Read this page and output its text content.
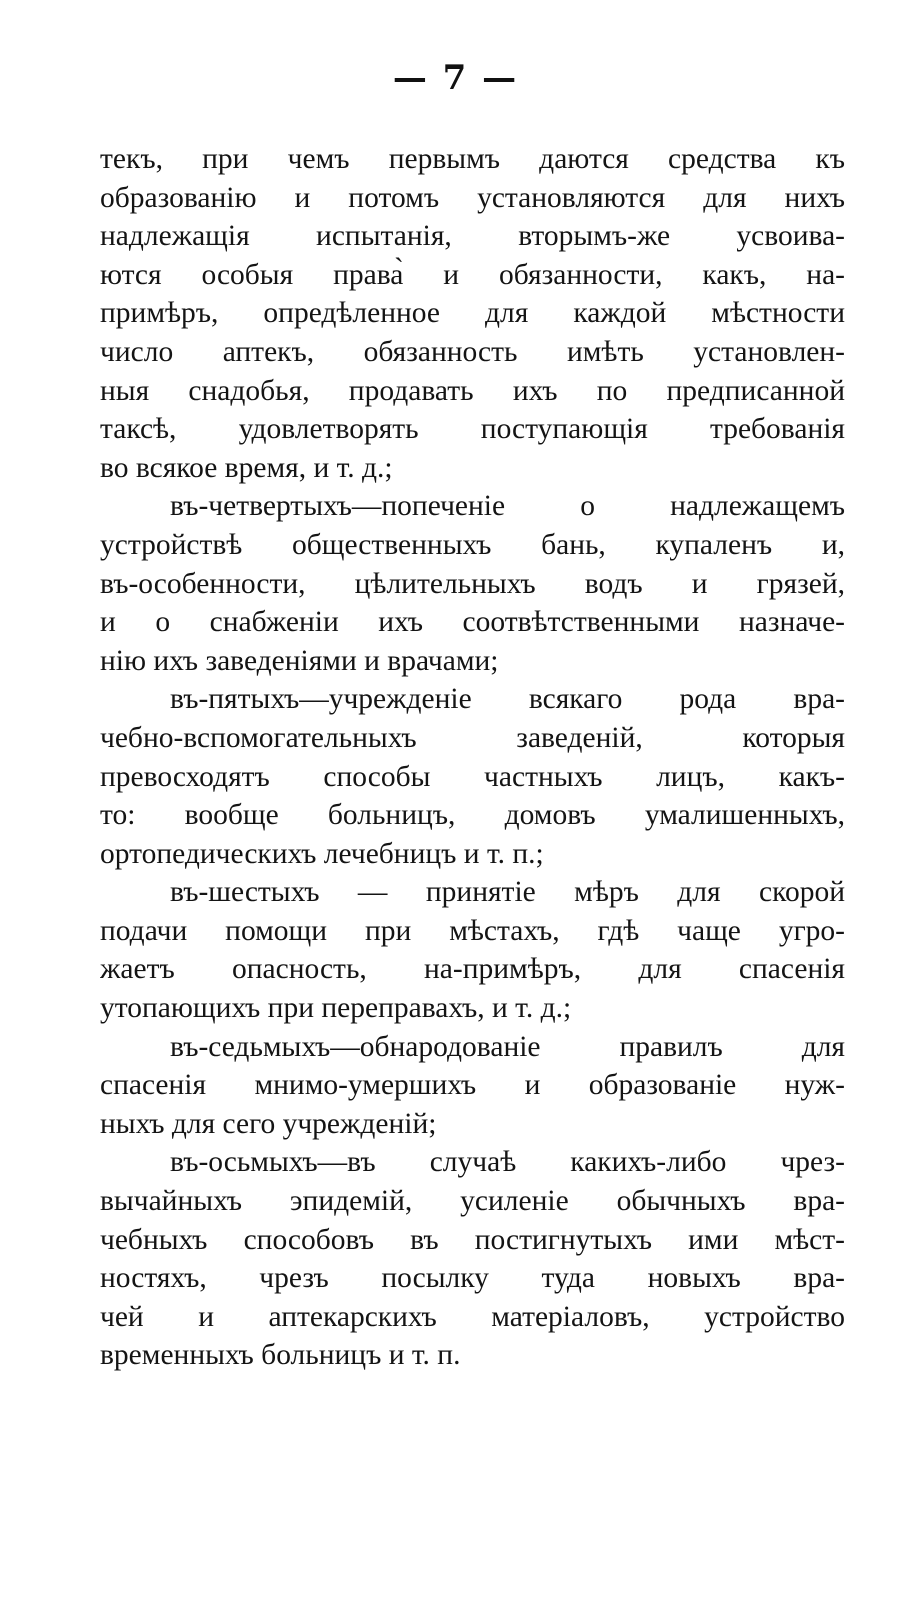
— 7 —
текъ, при чемъ первымъ даются средства къ
образованію и потомъ установляются для нихъ
надлежащія испытанія, вторымъ-же усвоива-
ются особыя права̀ и обязанности, какъ, на-
примѣръ, опредѣленное для каждой мѣстности
число аптекъ, обязанность имѣть установлен-
ныя снадобья, продавать ихъ по предписанной
таксѣ, удовлетворять поступающія требованія
во всякое время, и т. д.;
въ-четвертыхъ—попеченіе о надлежащемъ
устройствѣ общественныхъ бань, купаленъ и,
въ-особенности, цѣлительныхъ водъ и грязей,
и о снабженіи ихъ соотвѣтственными назначе-
нію ихъ заведеніями и врачами;
въ-пятыхъ—учрежденіе всякаго рода вра-
чебно-вспомогательныхъ заведеній, которыя
превосходятъ способы частныхъ лицъ, какъ-
то: вообще больницъ, домовъ умалишенныхъ,
ортопедическихъ лечебницъ и т. п.;
въ-шестыхъ — принятіе мѣръ для скорой
подачи помощи при мѣстахъ, гдѣ чаще угро-
жаетъ опасность, на-примѣръ, для спасенія
утопающихъ при переправахъ, и т. д.;
въ-седьмыхъ—обнародованіе правилъ для
спасенія мнимо-умершихъ и образованіе нуж-
ныхъ для сего учрежденій;
въ-осьмыхъ—въ случаѣ какихъ-либо чрез-
вычайныхъ эпидемій, усиленіе обычныхъ вра-
чебныхъ способовъ въ постигнутыхъ ими мѣст-
ностяхъ, чрезъ посылку туда новыхъ вра-
чей и аптекарскихъ матеріаловъ, устройство
временныхъ больницъ и т. п.
